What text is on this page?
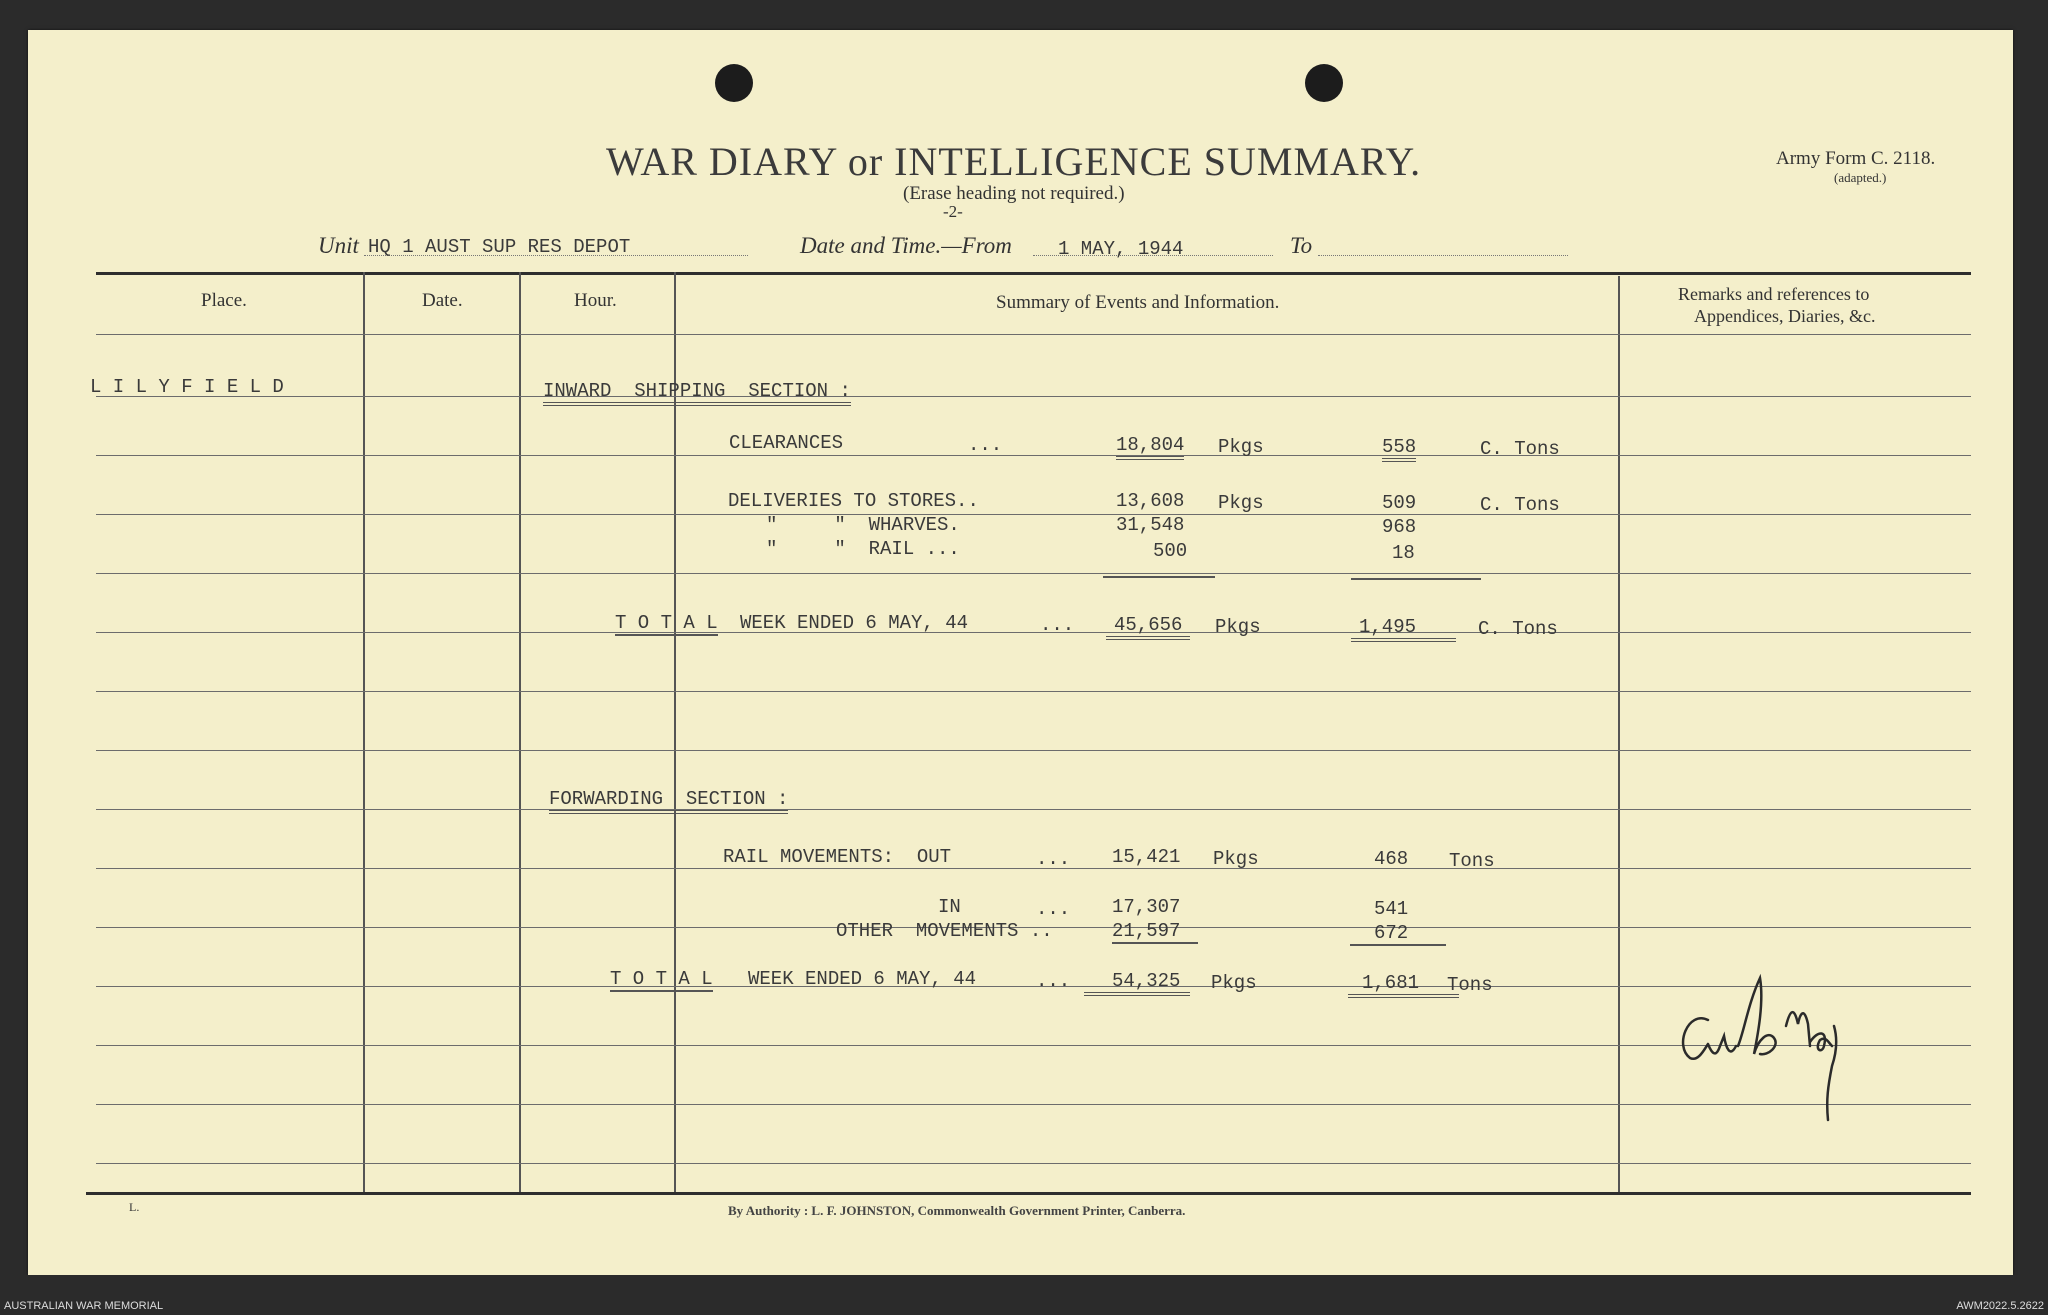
WAR DIARY or INTELLIGENCE SUMMARY.
(Erase heading not required.)
-2-
Army Form C. 2118.
(adapted.)
Unit HQ 1 AUST SUP RES DEPOT	Date and Time.—From 1 MAY, 1944	To
Place.	Date.	Hour.	Summary of Events and Information.	Remarks and references to
Appendices, Diaries, &c.
L I L Y F I E L D	INWARD  SHIPPING  SECTION :
CLEARANCES	...	18,804 Pkgs	558	C. Tons
DELIVERIES TO STORES..	13,608 Pkgs	509	C. Tons
"     "  WHARVES.	31,548	968
"     "  RAIL ...	500	18
T O T A L WEEK ENDED 6 MAY, 44	...	45,656	Pkgs	1,495	C. Tons
FORWARDING  SECTION :
RAIL MOVEMENTS:  OUT	... 15,421 Pkgs	468 Tons
IN	... 17,307	541
OTHER  MOVEMENTS ..	21,597	672
T O T A L WEEK ENDED 6 MAY, 44	...	54,325	Pkgs	1,681	Tons
L.	By Authority : L. F. JOHNSTON, Commonwealth Government Printer, Canberra.
AUSTRALIAN WAR MEMORIAL	AWM2022.5.2622
